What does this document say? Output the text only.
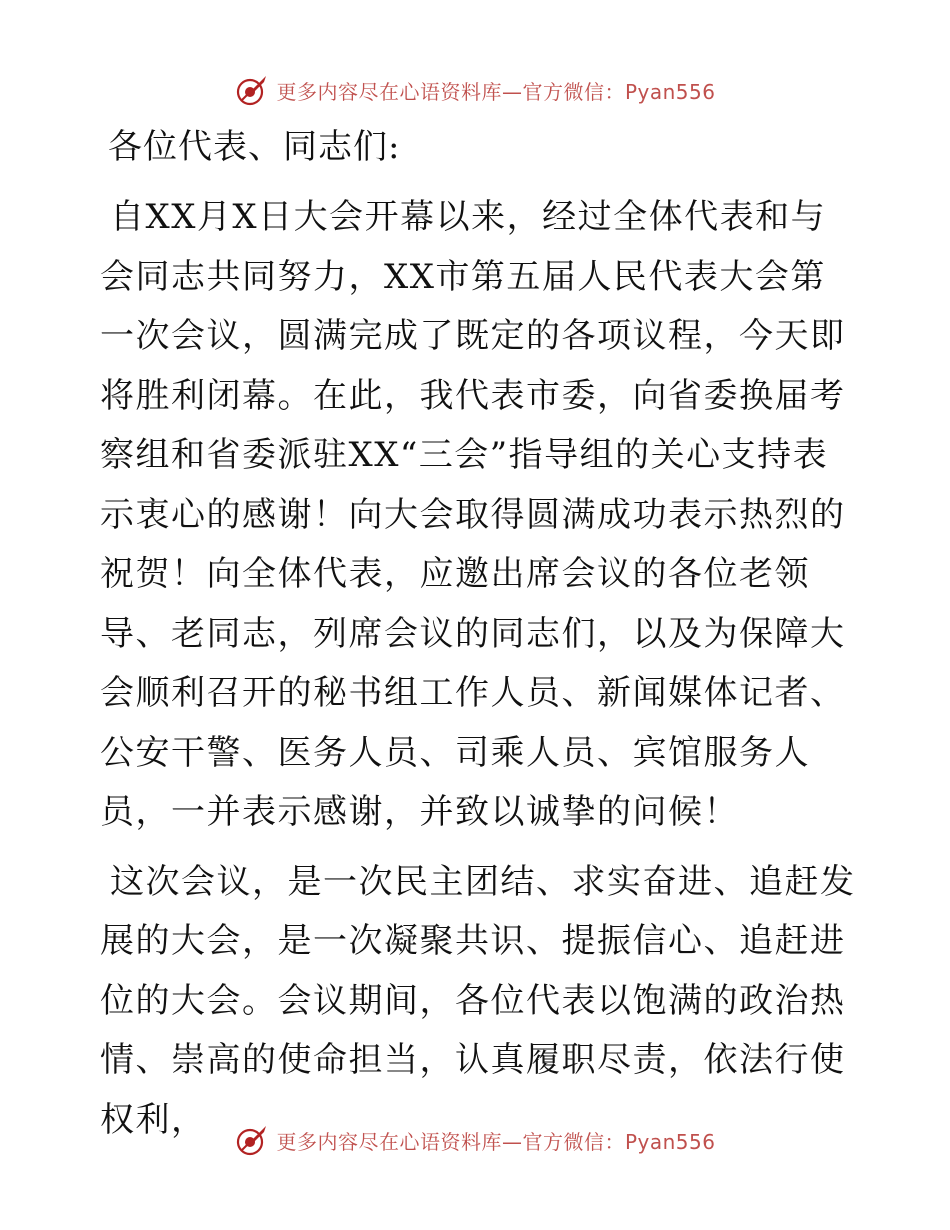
更多内容尽在心语资料库—官方微信：Pyan556

各位代表、同志们:

自XX月X日大会开幕以来，经过全体代表和与会同志共同努力，XX市第五届人民代表大会第一次会议，圆满完成了既定的各项议程，今天即将胜利闭幕。在此，我代表市委，向省委换届考察组和省委派驻XX“三会”指导组的关心支持表示衷心的感谢！向大会取得圆满成功表示热烈的祝贺！向全体代表，应邀出席会议的各位老领导、老同志，列席会议的同志们，以及为保障大会顺利召开的秘书组工作人员、新闻媒体记者、公安干警、医务人员、司乘人员、宾馆服务人员，一并表示感谢，并致以诚挚的问候！

这次会议，是一次民主团结、求实奋进、追赶发展的大会，是一次凝聚共识、提振信心、追赶进位的大会。会议期间，各位代表以饱满的政治热情、崇高的使命担当，认真履职尽责，依法行使权利，

更多内容尽在心语资料库—官方微信：Pyan556
